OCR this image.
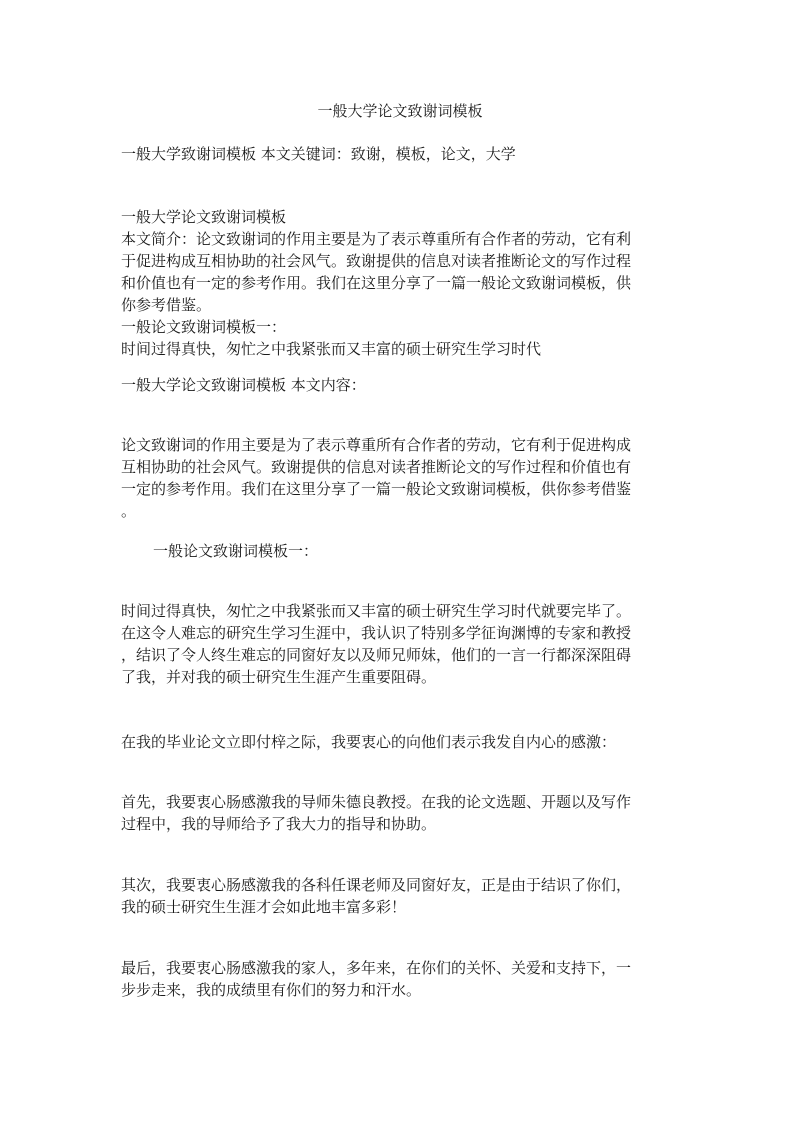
一般大学论文致谢词模板

一般大学致谢词模板 本文关键词：致谢，模板，论文，大学

一般大学论文致谢词模板
本文简介：论文致谢词的作用主要是为了表示尊重所有合作者的劳动，它有利
于促进构成互相协助的社会风气。致谢提供的信息对读者推断论文的写作过程
和价值也有一定的参考作用。我们在这里分享了一篇一般论文致谢词模板，供
你参考借鉴。
一般论文致谢词模板一：
时间过得真快，匆忙之中我紧张而又丰富的硕士研究生学习时代

一般大学论文致谢词模板 本文内容：

论文致谢词的作用主要是为了表示尊重所有合作者的劳动，它有利于促进构成
互相协助的社会风气。致谢提供的信息对读者推断论文的写作过程和价值也有
一定的参考作用。我们在这里分享了一篇一般论文致谢词模板，供你参考借鉴
。

一般论文致谢词模板一：

时间过得真快，匆忙之中我紧张而又丰富的硕士研究生学习时代就要完毕了。
在这令人难忘的研究生学习生涯中，我认识了特别多学征询渊博的专家和教授
，结识了令人终生难忘的同窗好友以及师兄师妹，他们的一言一行都深深阻碍
了我，并对我的硕士研究生生涯产生重要阻碍。

在我的毕业论文立即付梓之际，我要衷心的向他们表示我发自内心的感激：

首先，我要衷心肠感激我的导师朱德良教授。在我的论文选题、开题以及写作
过程中，我的导师给予了我大力的指导和协助。
其次，我要衷心肠感激我的各科任课老师及同窗好友，正是由于结识了你们，
我的硕士研究生生涯才会如此地丰富多彩！
最后，我要衷心肠感激我的家人，多年来，在你们的关怀、关爱和支持下，一
步步走来，我的成绩里有你们的努力和汗水。
